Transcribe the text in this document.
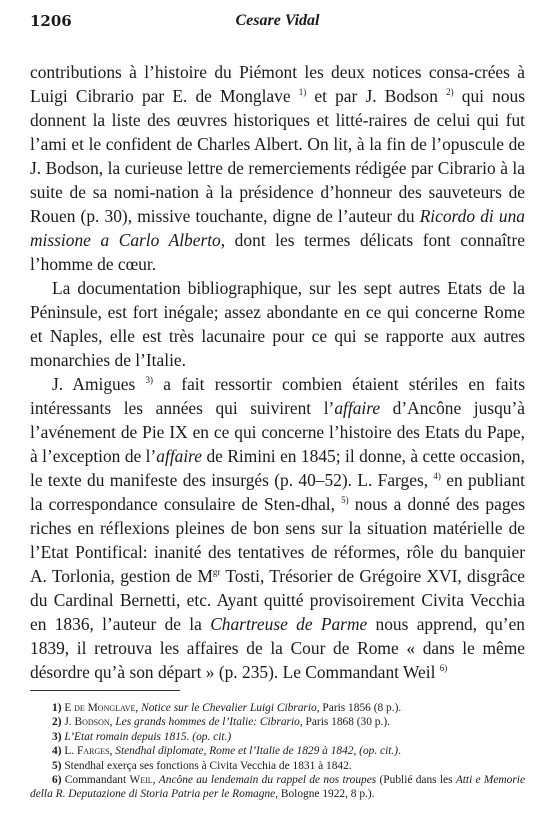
1206	Cesare Vidal

contributions à l’histoire du Piémont les deux notices consa-crées à Luigi Cibrario par E. de Monglave $^{1)}$ et par J. Bodson $^{2)}$ qui nous donnent la liste des œuvres historiques et litté-raires de celui qui fut l’ami et le confident de Charles Albert. On lit, à la fin de l’opuscule de J. Bodson, la curieuse lettre de remerciements rédigée par Cibrario à la suite de sa nomi-nation à la présidence d’honneur des sauveteurs de Rouen (p. 30), missive touchante, digne de l’auteur du Ricordo di una missione a Carlo Alberto, dont les termes délicats font connaître l’homme de cœur.

La documentation bibliographique, sur les sept autres Etats de la Péninsule, est fort inégale; assez abondante en ce qui concerne Rome et Naples, elle est très lacunaire pour ce qui se rapporte aux autres monarchies de l’Italie.

J. Amigues $^{3)}$ a fait ressortir combien étaient stériles en faits intéressants les années qui suivirent l’affaire d’Ancône jusqu’à l’avénement de Pie IX en ce qui concerne l’histoire des Etats du Pape, à l’exception de l’affaire de Rimini en 1845; il donne, à cette occasion, le texte du manifeste des insurgés (p. 40–52). L. Farges, $^{4)}$ en publiant la correspondance consulaire de Sten-dhal, $^{5)}$ nous a donné des pages riches en réflexions pleines de bon sens sur la situation matérielle de l’Etat Pontifical: inanité des tentatives de réformes, rôle du banquier A. Torlonia, gestion de $M^{gr}$ Tosti, Trésorier de Grégoire XVI, disgrâce du Cardinal Bernetti, etc. Ayant quitté provisoirement Civita Vecchia en 1836, l’auteur de la Chartreuse de Parme nous apprend, qu’en 1839, il retrouva les affaires de la Cour de Rome « dans le même désordre qu’à son départ » (p. 235). Le Commandant Weil $^{6)}$

1) E de Monglave, Notice sur le Chevalier Luigi Cibrario, Paris 1856 (8 p.).

2) J. Bodson, Les grands hommes de l’Italie: Cibrario, Paris 1868 (30 p.).

3) L’Etat romain depuis 1815. (op. cit.)

4) L. Farges, Stendhal diplomate, Rome et l’Italie de 1829 à 1842, (op. cit.).

5) Stendhal exerça ses fonctions à Civita Vecchia de 1831 à 1842.

6) Commandant Weil, Ancône au lendemain du rappel de nos troupes (Publié dans les Atti e Memorie della R. Deputazione di Storia Patria per le Romagne, Bologne 1922, 8 p.).
